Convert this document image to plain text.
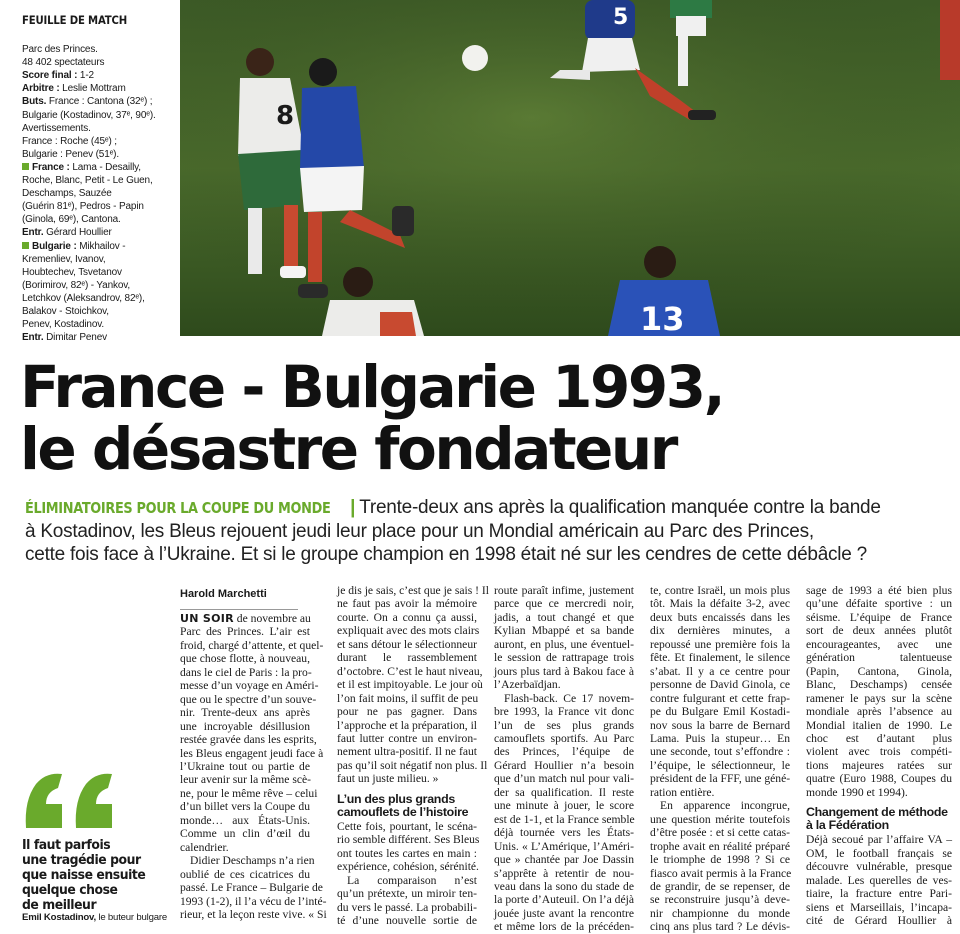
FEUILLE DE MATCH
Parc des Princes.
48 402 spectateurs
Score final : 1-2
Arbitre : Leslie Mottram
Buts. France : Cantona (32ᵉ) ;
Bulgarie (Kostadinov, 37ᵉ, 90ᵉ).
Avertissements.
France : Roche (45ᵉ) ;
Bulgarie : Penev (51ᵉ).
France : Lama - Desailly,
Roche, Blanc, Petit - Le Guen,
Deschamps, Sauzée
(Guérin 81ᵉ), Pedros - Papin
(Ginola, 69ᵉ), Cantona.
Entr. Gérard Houllier
Bulgarie : Mikhailov -
Kremenliev, Ivanov,
Houbtechev, Tsvetanov
(Borimirov, 82ᵉ) - Yankov,
Letchkov (Aleksandrov, 82ᵉ),
Balakov - Stoichkov,
Penev, Kostadinov.
Entr. Dimitar Penev
5
8
13
France - Bulgarie 1993,
le désastre fondateur
ÉLIMINATOIRES POUR LA COUPE DU MONDE | Trente-deux ans après la qualification manquée contre la bande
à Kostadinov, les Bleus rejouent jeudi leur place pour un Mondial américain au Parc des Princes,
cette fois face à l’Ukraine. Et si le groupe champion en 1998 était né sur les cendres de cette débâcle ?
Harold Marchetti
UN SOIR de novembre au
Parc des Princes. L’air est
froid, chargé d’attente, et quel-
que chose flotte, à nouveau,
dans le ciel de Paris : la pro-
messe d’un voyage en Améri-
que ou le spectre d’un souve-
nir. Trente-deux ans après
une incroyable désillusion
restée gravée dans les esprits,
les Bleus engagent jeudi face à
l’Ukraine tout ou partie de
leur avenir sur la même scè-
ne, pour le même rêve – celui
d’un billet vers la Coupe du
monde… aux États-Unis.
Comme un clin d’œil du
calendrier.
Didier Deschamps n’a rien
oublié de ces cicatrices du
passé. Le France – Bulgarie de
1993 (1-2), il l’a vécu de l’inté-
rieur, et la leçon reste vive. « Si
je dis je sais, c’est que je sais ! Il
ne faut pas avoir la mémoire
courte. On a connu ça aussi,
expliquait avec des mots clairs
et sans détour le sélectionneur
durant le rassemblement
d’octobre. C’est le haut niveau,
et il est impitoyable. Le jour où
l’on fait moins, il suffit de peu
pour ne pas gagner. Dans
l’approche et la préparation, il
faut lutter contre un environ-
nement ultra-positif. Il ne faut
pas qu’il soit négatif non plus. Il
faut un juste milieu. »
L’un des plus grands
camouflets de l’histoire
Cette fois, pourtant, le scéna-
rio semble différent. Ses Bleus
ont toutes les cartes en main :
expérience, cohésion, sérénité.
La comparaison n’est
qu’un prétexte, un miroir ten-
du vers le passé. La probabili-
té d’une nouvelle sortie de
route paraît infime, justement
parce que ce mercredi noir,
jadis, a tout changé et que
Kylian Mbappé et sa bande
auront, en plus, une éventuel-
le session de rattrapage trois
jours plus tard à Bakou face à
l’Azerbaïdjan.
Flash-back. Ce 17 novem-
bre 1993, la France vit donc
l’un de ses plus grands
camouflets sportifs. Au Parc
des Princes, l’équipe de
Gérard Houllier n’a besoin
que d’un match nul pour vali-
der sa qualification. Il reste
une minute à jouer, le score
est de 1-1, et la France semble
déjà tournée vers les États-
Unis. « L’Amérique, l’Améri-
que » chantée par Joe Dassin
s’apprête à retentir de nou-
veau dans la sono du stade de
la porte d’Auteuil. On l’a déjà
jouée juste avant la rencontre
et même lors de la précéden-
te, contre Israël, un mois plus
tôt. Mais la défaite 3-2, avec
deux buts encaissés dans les
dix dernières minutes, a
repoussé une première fois la
fête. Et finalement, le silence
s’abat. Il y a ce centre pour
personne de David Ginola, ce
contre fulgurant et cette frap-
pe du Bulgare Emil Kostadi-
nov sous la barre de Bernard
Lama. Puis la stupeur… En
une seconde, tout s’effondre :
l’équipe, le sélectionneur, le
président de la FFF, une géné-
ration entière.
En apparence incongrue,
une question mérite toutefois
d’être posée : et si cette catas-
trophe avait en réalité préparé
le triomphe de 1998 ? Si ce
fiasco avait permis à la France
de grandir, de se repenser, de
se reconstruire jusqu’à deve-
nir championne du monde
cinq ans plus tard ? Le dévis-
sage de 1993 a été bien plus
qu’une défaite sportive : un
séisme. L’équipe de France
sort de deux années plutôt
encourageantes, avec une
génération talentueuse
(Papin, Cantona, Ginola,
Blanc, Deschamps) censée
ramener le pays sur la scène
mondiale après l’absence au
Mondial italien de 1990. Le
choc est d’autant plus
violent avec trois compéti-
tions majeures ratées sur
quatre (Euro 1988, Coupes du
monde 1990 et 1994).
Changement de méthode
à la Fédération
Déjà secoué par l’affaire VA –
OM, le football français se
découvre vulnérable, presque
malade. Les querelles de ves-
tiaire, la fracture entre Pari-
siens et Marseillais, l’incapa-
cité de Gérard Houllier à
Il faut parfois
une tragédie pour
que naisse ensuite
quelque chose
de meilleur
Emil Kostadinov, le buteur bulgare
